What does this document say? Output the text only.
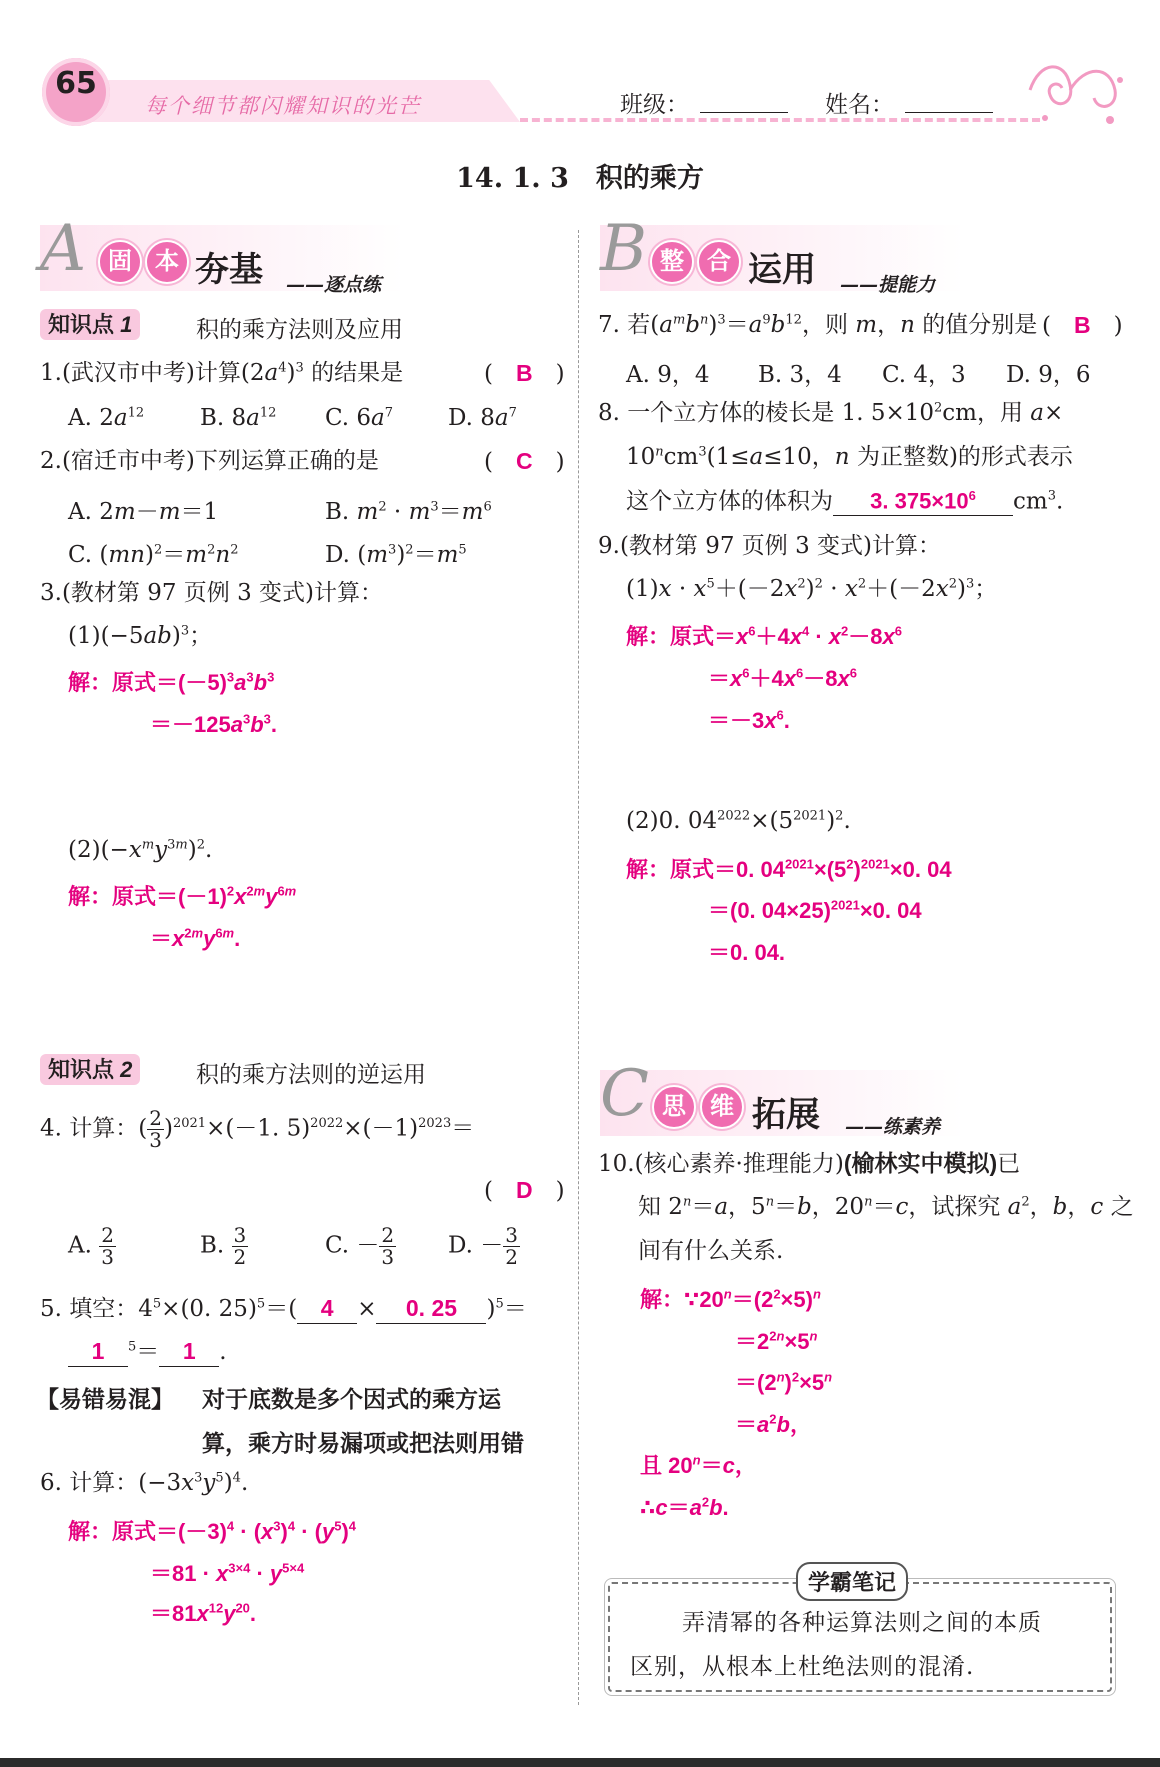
65
每个细节都闪耀知识的光芒	班级：	姓名：
14. 1. 3　积的乘方
A 固 本 夯基 ——逐点练
知识点 1	积的乘方法则及应用
1.(武汉市中考)计算$(2a^4)^3$ 的结果是	(　B　)
A. $2a^{12}$ B. $8a^{12}$ C. $6a^7$ D. $8a^7$
2.(宿迁市中考)下列运算正确的是	(　C　)
A. 2m－m＝1	B. $m^2 \cdot m^3=m^6$
C. $(mn)^2=m^2n^2$	D. $(m^3)^2=m^5$
3.(教材第 97 页例 3 变式)计算：
$(1)(-5ab)^3$；
解：原式$=(-5)^3a^3b^3$
$=-125a^3b^3$.
$(2)(-x^my^{3m})^2$.
解：原式$=(-1)^2x^{2m}y^{6m}$
$=x^{2m}y^{6m}$.
知识点 2	积的乘方法则的逆运用
4. 计算：( $\frac{2}{3} )^{2021}\times(-1$. $5)^{2022}\times(-1)^{2023}=$
(　D　)
A. $\frac{2}{3}$	B. $\frac{3}{2}$	C. － $\frac{2}{3} D$. － $\frac{3}{2}$
5. 填空：$4^5\times(0$. 25)$^5$＝( 4 × 0. 25 )$^5$＝
1 $^5$＝ 1 .
【易错易混】 对于底数是多个因式的乘方运
算，乘方时易漏项或把法则用错
6. 计算：$(-3x^3y^5)^4$.
解：原式$=(-3)^4 \cdot (x^3)^4 \cdot (y^5)^4$
$=81 \cdot x^{3\times 4} \cdot y^{5\times 4}$
$=81x^{12}y^{20}$.
B 整 合 运用 ——提能力
7. 若$(a^mb^n)^3=a^9b^{12}$，则 m，n 的值分别是 (　B　)
A. 9，4 B. 3，4 C. 4，3 D. 9，6
8. 一个立方体的棱长是 1. $5\times 10^2cm$，用 a×
$10^ncm^3(1\le a\le 10$，n 为正整数)的形式表示
这个立方体的体积为 3. $375\times 10^6$ $cm^3$.
9.(教材第 97 页例 3 变式)计算：
$(1)x \cdot x^5+(-2x^2)^2 \cdot x^2+(-2x^2)^3$；
解：原式$=x^6+4x^4 \cdot x^2-8x^6$
$=x^6+4x^6-8x^6$
$=-3x^6$.
(2)0. $04^{2022}\times(5^{2021})^2$.
解：原式＝0. $04^{2021}\times(5^2)^{2021}\times 0$. 04
＝(0. 04×25)$^{2021}$×0. 04
＝0. 04.
C 思	维 拓展 ——练素养
10.(核心素养·推理能力)(榆林实中模拟)已
知 $2^n=a$，$5^n=b$，$20^n=c$，试探究 $a^2$，b，c 之
间有什么关系.
解：$\because 20^n=(2^2\times 5)^n$
$=2^{2n}\times 5^n$
$=(2^n)^2\times 5^n$
$=a^2b$，
且 $20^n=c$，
$\therefore c=a^2b$.
学霸笔记
弄清幂的各种运算法则之间的本质
区别，从根本上杜绝法则的混淆.
